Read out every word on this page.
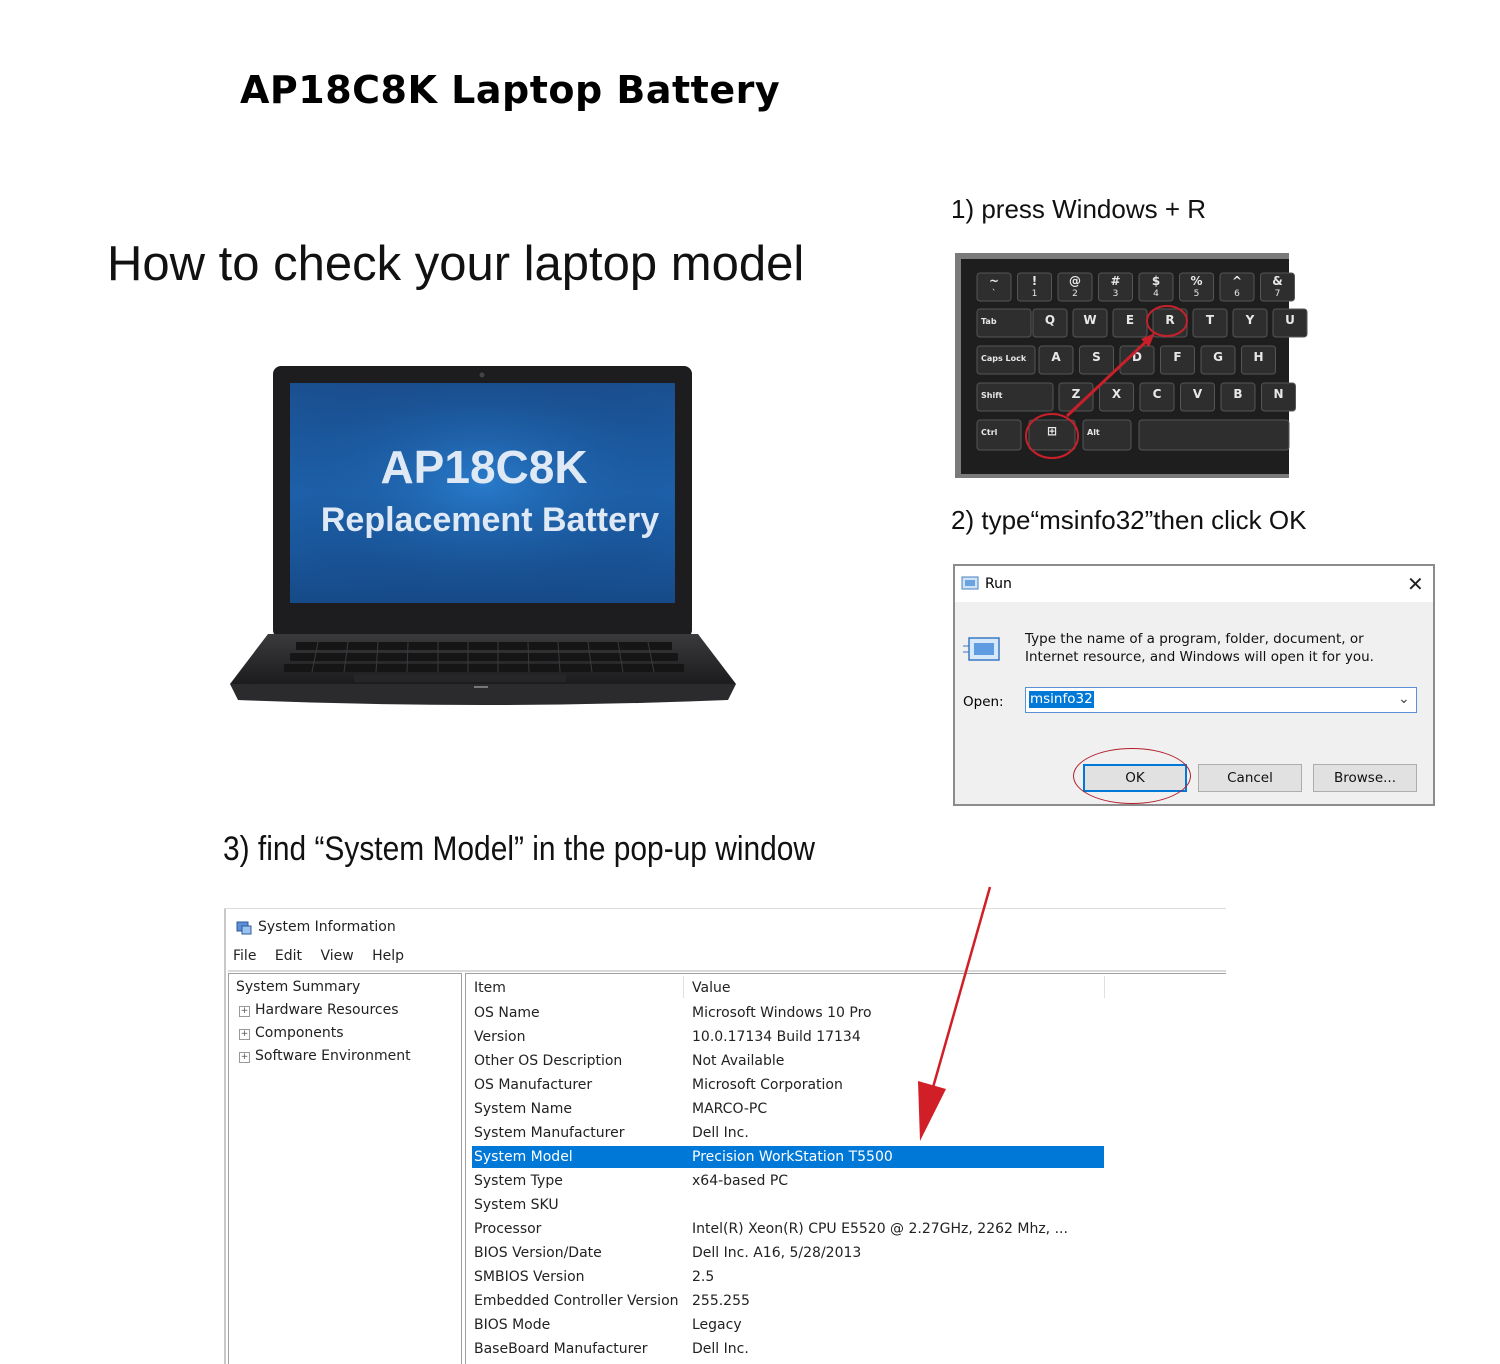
AP18C8K Laptop Battery
How to check your laptop model
AP18C8K
Replacement Battery
1) press Windows + R
2) type“msinfo32”then click OK
3) find “System Model” in the pop-up window
~
`
!
1
@
2
#
3
$
4
%
5
^
6
&
7
Tab	Q W E	R	T	Y	U
Caps Lock A	S	D	F	G	H
Shift	Z	X	C	V	B	N
Ctrl	⊞	Alt
Run	✕
Type the name of a program, folder, document, or Internet resource, and Windows will open it for you.
Open: msinfo32	⌄
OK	Cancel	Browse...
System Information
File Edit View Help
System Summary
+ Hardware Resources
+ Components
+ Software Environment
Item	Value
OS Name	Microsoft Windows 10 Pro
Version	10.0.17134 Build 17134
Other OS Description	Not Available
OS Manufacturer	Microsoft Corporation
System Name	MARCO-PC
System Manufacturer	Dell Inc.
System Model	Precision WorkStation T5500
System Type	x64-based PC
System SKU
Processor	Intel(R) Xeon(R) CPU E5520 @ 2.27GHz, 2262 Mhz, ...
BIOS Version/Date	Dell Inc. A16, 5/28/2013
SMBIOS Version	2.5
Embedded Controller Version 255.255
BIOS Mode	Legacy
BaseBoard Manufacturer	Dell Inc.
